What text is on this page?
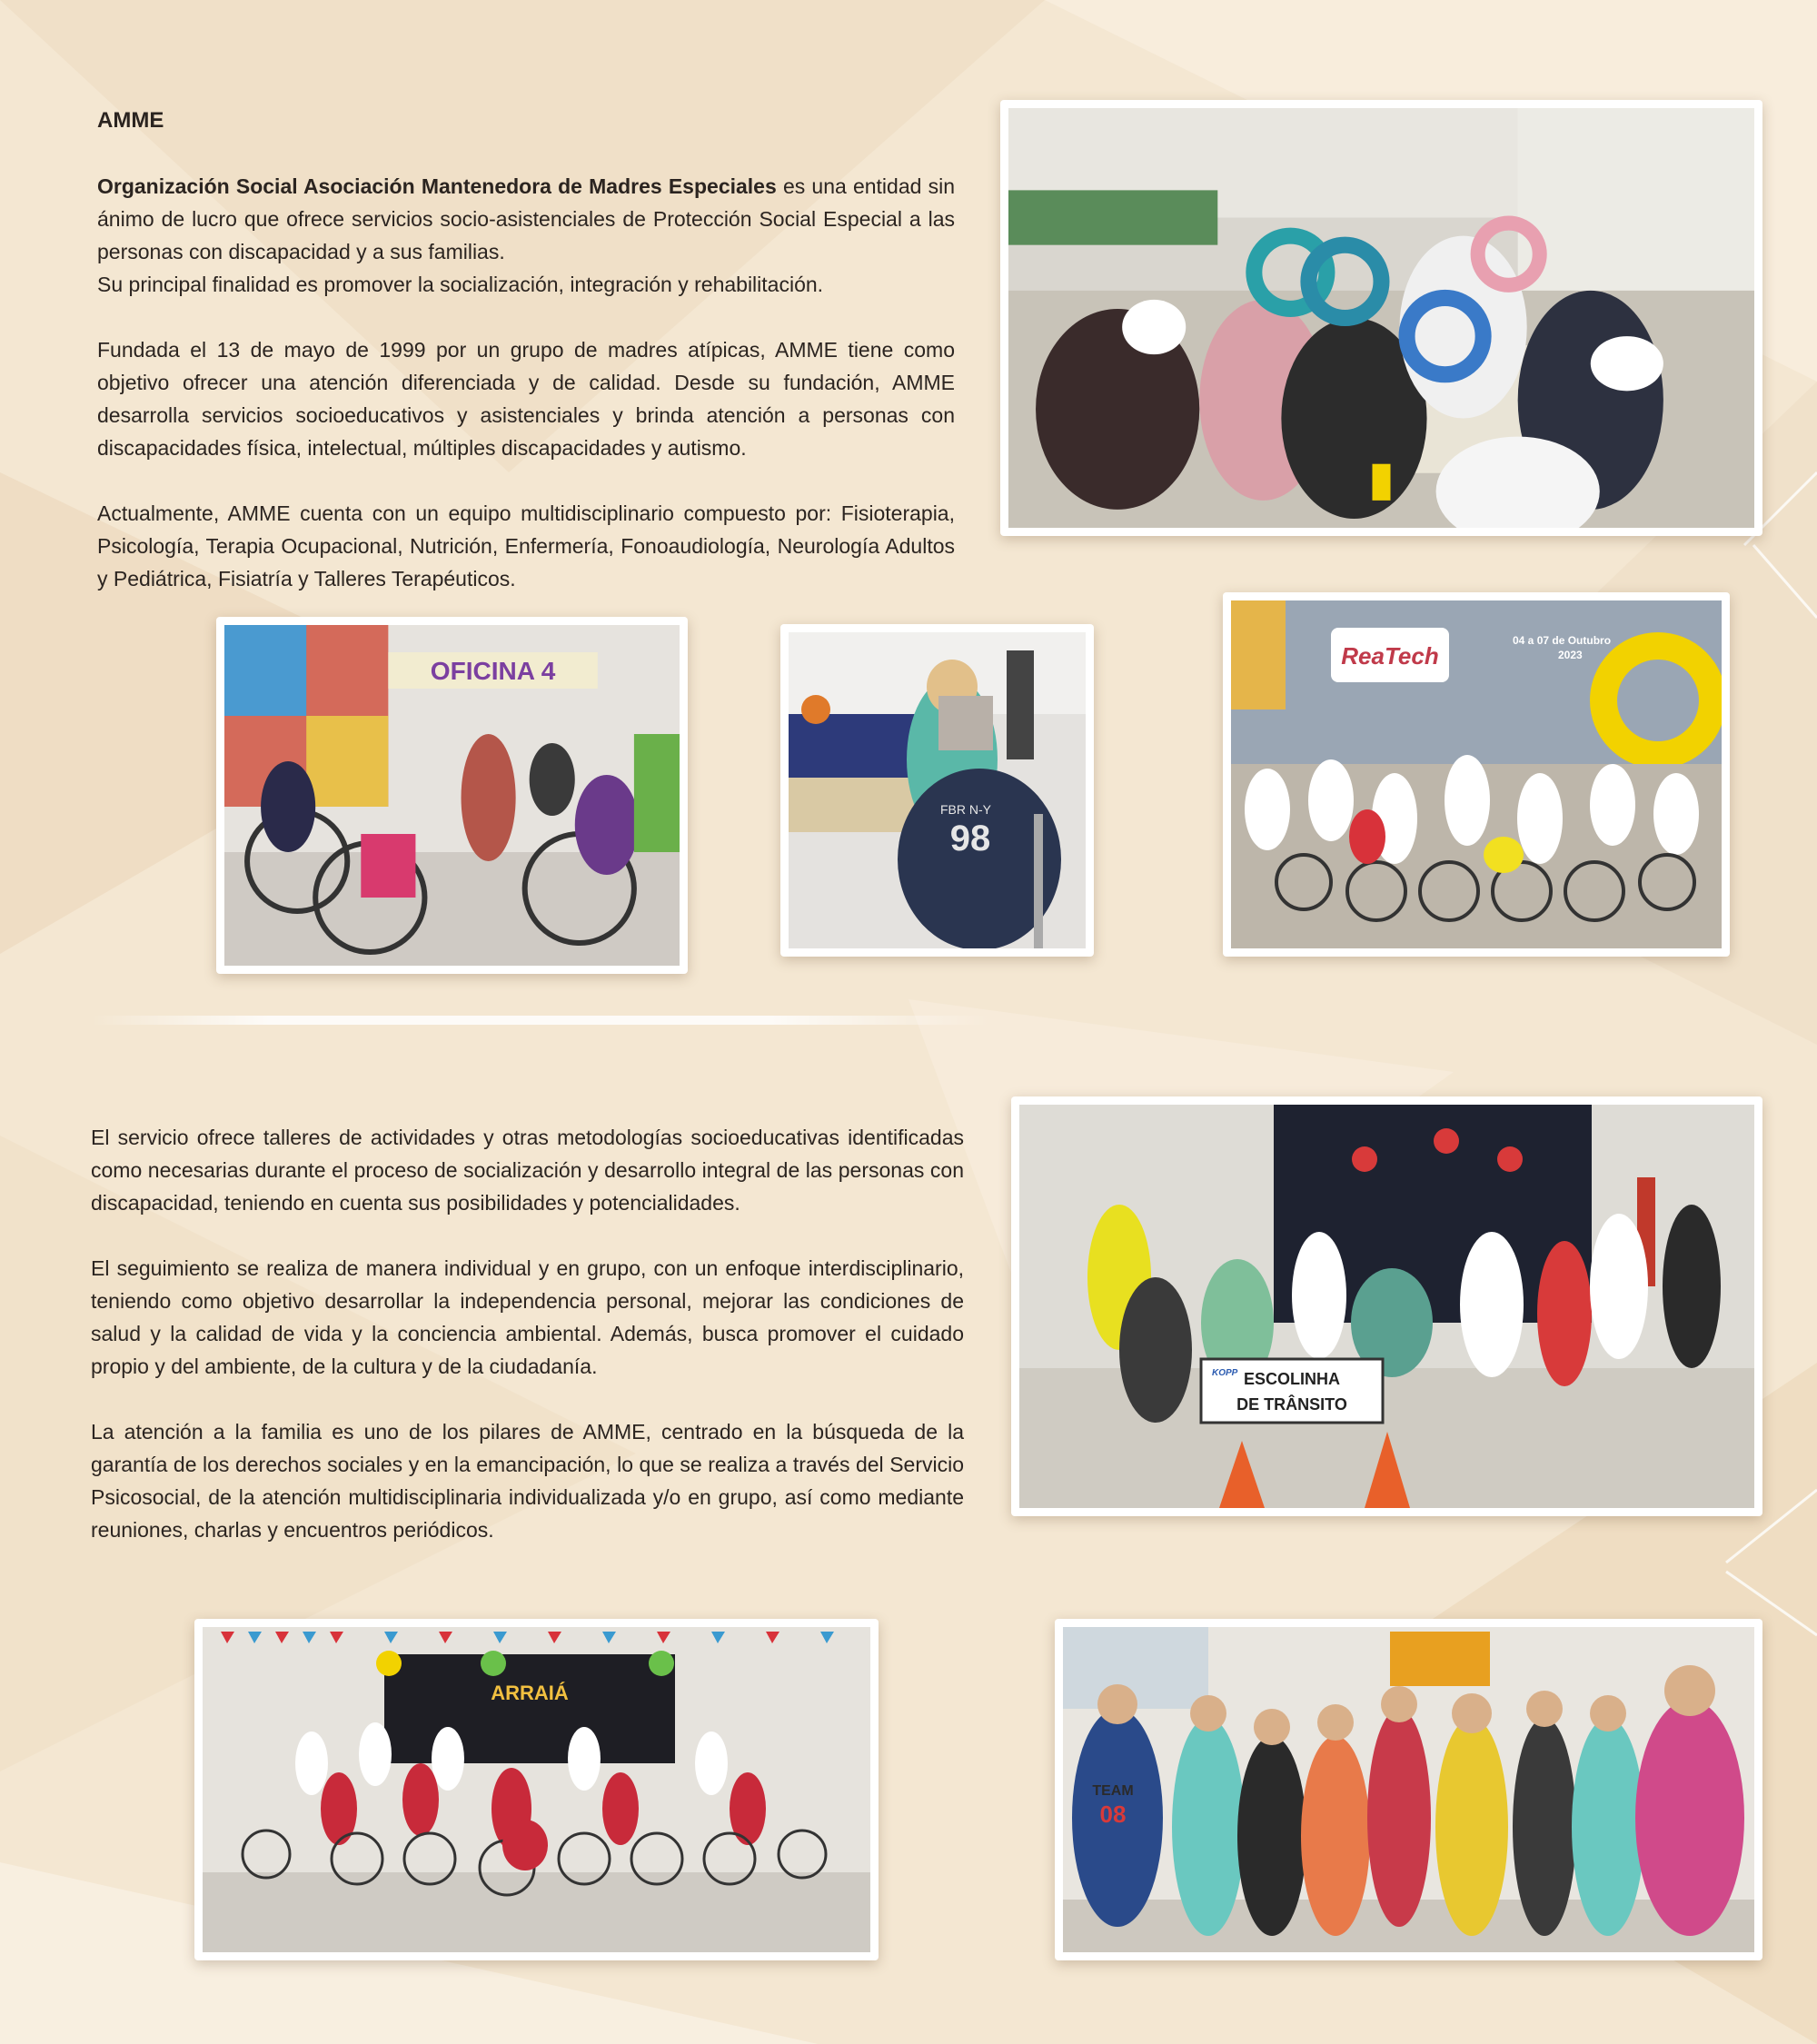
AMME

Organización Social Asociación Mantenedora de Madres Especiales es una entidad sin ánimo de lucro que ofrece servicios socio-asistenciales de Protección Social Especial a las personas con discapacidad y a sus familias.

Su principal finalidad es promover la socialización, integración y rehabilitación.

Fundada el 13 de mayo de 1999 por un grupo de madres atípicas, AMME tiene como objetivo ofrecer una atención diferenciada y de calidad. Desde su fundación, AMME desarrolla servicios socioeducativos y asistenciales y brinda atención a personas con discapacidades física, intelectual, múltiples discapacidades y autismo.

Actualmente, AMME cuenta con un equipo multidisciplinario compuesto por: Fisioterapia, Psicología, Terapia Ocupacional, Nutrición, Enfermería, Fonoaudiología, Neurología Adultos y Pediátrica, Fisiatría y Talleres Terapéuticos.

El servicio ofrece talleres de actividades y otras metodologías socioeducativas identificadas como necesarias durante el proceso de socialización y desarrollo integral de las personas con discapacidad, teniendo en cuenta sus posibilidades y potencialidades.

El seguimiento se realiza de manera individual y en grupo, con un enfoque interdisciplinario, teniendo como objetivo desarrollar la independencia personal, mejorar las condiciones de salud y la calidad de vida y la conciencia ambiental. Además, busca promover el cuidado propio y del ambiente, de la cultura y de la ciudadanía.

La atención a la familia es uno de los pilares de AMME, centrado en la búsqueda de la garantía de los derechos sociales y en la emancipación, lo que se realiza a través del Servicio Psicosocial, de la atención multidisciplinaria individualizada y/o en grupo, así como mediante reuniones, charlas y encuentros periódicos.

OFICINA 4
FBR N-Y
98
ReaTech
04 a 07 de Outubro
2023
KOPP ESCOLINHA
DE TRÂNSITO
ARRAIÁ
TEAM
08
